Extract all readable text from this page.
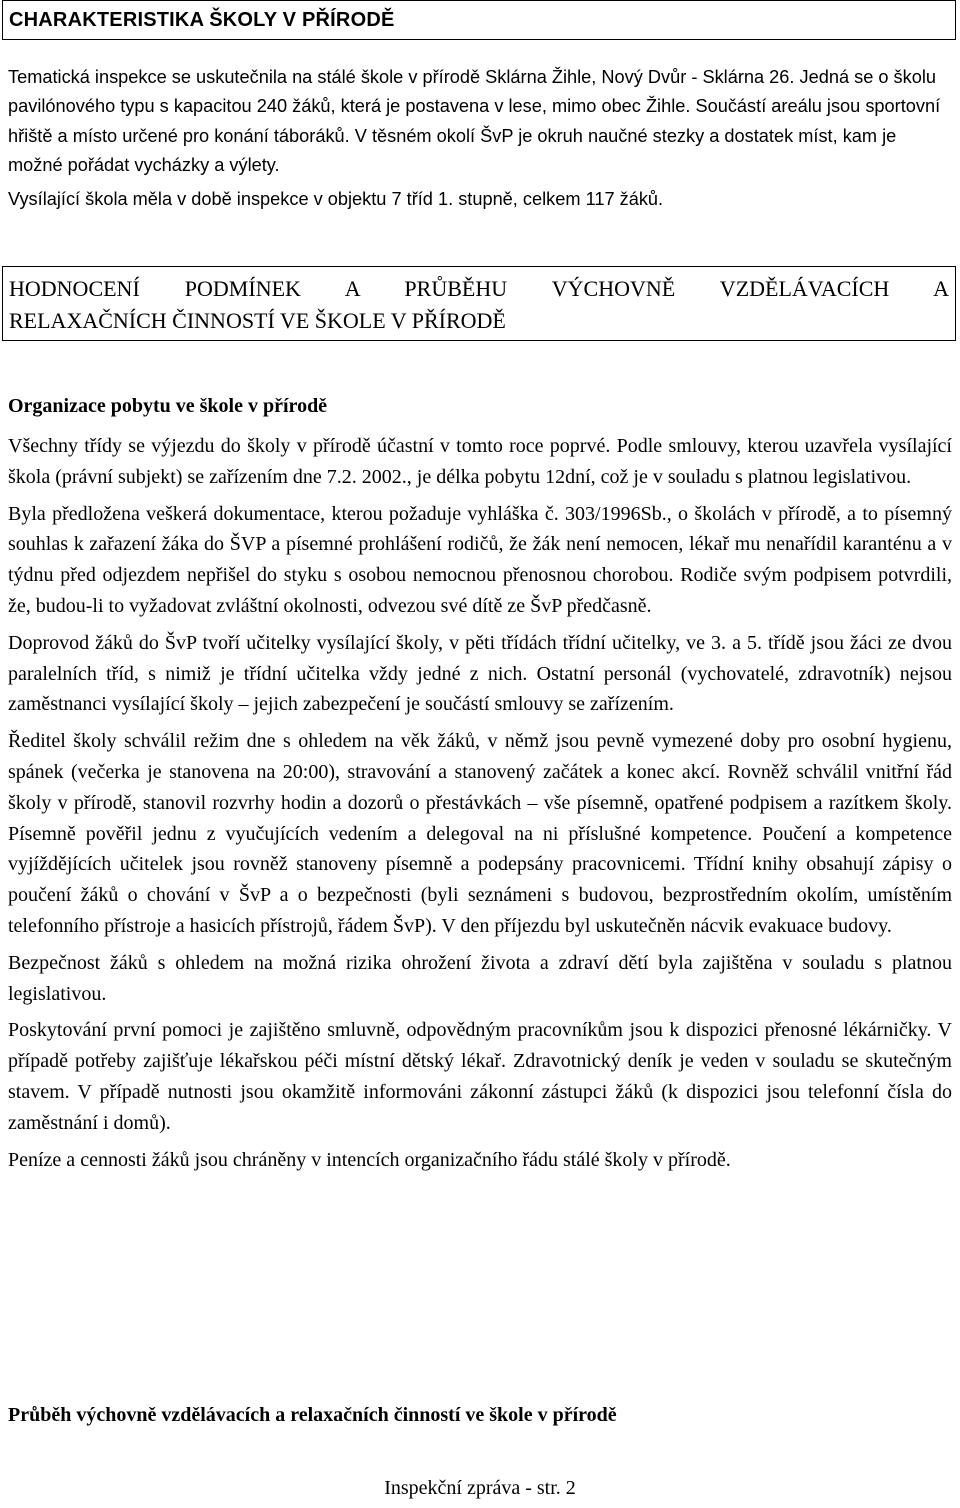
CHARAKTERISTIKA ŠKOLY V PŘÍRODĚ

Tematická inspekce se uskutečnila na stálé škole v přírodě Sklárna Žihle, Nový Dvůr - Sklárna 26. Jedná se o školu pavilónového typu s kapacitou 240 žáků, která je postavena v lese, mimo obec Žihle. Součástí areálu jsou sportovní hřiště a místo určené pro konání táboráků. V těsném okolí ŠvP je okruh naučné stezky a dostatek míst, kam je možné pořádat vycházky a výlety.

Vysílající škola měla v době inspekce v objektu 7 tříd 1. stupně, celkem 117 žáků.

HODNOCENÍ PODMÍNEK A PRŮBĚHU VÝCHOVNĚ VZDĚLÁVACÍCH A
RELAXAČNÍCH ČINNOSTÍ VE ŠKOLE V PŘÍRODĚ
Organizace pobytu ve škole v přírodě

Všechny třídy se výjezdu do školy v přírodě účastní v tomto roce poprvé. Podle smlouvy, kterou uzavřela vysílající škola (právní subjekt) se zařízením dne 7.2. 2002., je délka pobytu 12dní, což je v souladu s platnou legislativou.

Byla předložena veškerá dokumentace, kterou požaduje vyhláška č. 303/1996Sb., o školách v přírodě, a to písemný souhlas k zařazení žáka do ŠVP a písemné prohlášení rodičů, že žák není nemocen, lékař mu nenařídil karanténu a v týdnu před odjezdem nepřišel do styku s osobou nemocnou přenosnou chorobou. Rodiče svým podpisem potvrdili, že, budou-li to vyžadovat zvláštní okolnosti, odvezou své dítě ze ŠvP předčasně.

Doprovod žáků do ŠvP tvoří učitelky vysílající školy, v pěti třídách třídní učitelky, ve 3. a 5. třídě jsou žáci ze dvou paralelních tříd, s nimiž je třídní učitelka vždy jedné z nich. Ostatní personál (vychovatelé, zdravotník) nejsou zaměstnanci vysílající školy – jejich zabezpečení je součástí smlouvy se zařízením.

Ředitel školy schválil režim dne s ohledem na věk žáků, v němž jsou pevně vymezené doby pro osobní hygienu, spánek (večerka je stanovena na 20:00), stravování a stanovený začátek a konec akcí. Rovněž schválil vnitřní řád školy v přírodě, stanovil rozvrhy hodin a dozorů o přestávkách – vše písemně, opatřené podpisem a razítkem školy. Písemně pověřil jednu z vyučujících vedením a delegoval na ni příslušné kompetence. Poučení a kompetence vyjíždějících učitelek jsou rovněž stanoveny písemně a podepsány pracovnicemi. Třídní knihy obsahují zápisy o poučení žáků o chování v ŠvP a o bezpečnosti (byli seznámeni s budovou, bezprostředním okolím, umístěním telefonního přístroje a hasicích přístrojů, řádem ŠvP). V den příjezdu byl uskutečněn nácvik evakuace budovy.

Bezpečnost žáků s ohledem na možná rizika ohrožení života a zdraví dětí byla zajištěna v souladu s platnou legislativou.

Poskytování první pomoci je zajištěno smluvně, odpovědným pracovníkům jsou k dispozici přenosné lékárničky. V případě potřeby zajišťuje lékařskou péči místní dětský lékař. Zdravotnický deník je veden v souladu se skutečným stavem. V případě nutnosti jsou okamžitě informováni zákonní zástupci žáků (k dispozici jsou telefonní čísla do zaměstnání i domů).

Peníze a cennosti žáků jsou chráněny v intencích organizačního řádu stálé školy v přírodě.

Průběh výchovně vzdělávacích a relaxačních činností ve škole v přírodě
Inspekční zpráva - str. 2
